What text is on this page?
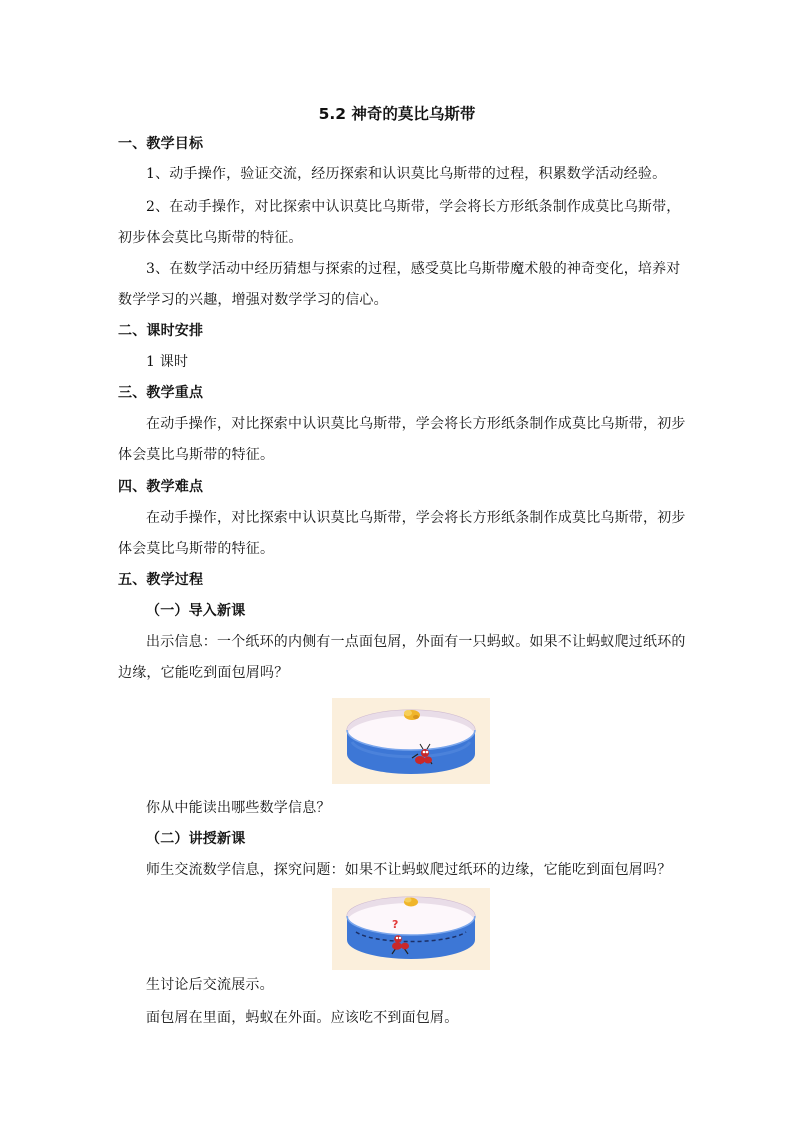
5.2 神奇的莫比乌斯带
一、教学目标
1、动手操作，验证交流，经历探索和认识莫比乌斯带的过程，积累数学活动经验。
2、在动手操作，对比探索中认识莫比乌斯带，学会将长方形纸条制作成莫比乌斯带，
初步体会莫比乌斯带的特征。
3、在数学活动中经历猜想与探索的过程，感受莫比乌斯带魔术般的神奇变化，培养对
数学学习的兴趣，增强对数学学习的信心。
二、课时安排
1 课时
三、教学重点
在动手操作，对比探索中认识莫比乌斯带，学会将长方形纸条制作成莫比乌斯带，初步
体会莫比乌斯带的特征。
四、教学难点
在动手操作，对比探索中认识莫比乌斯带，学会将长方形纸条制作成莫比乌斯带，初步
体会莫比乌斯带的特征。
五、教学过程
（一）导入新课
出示信息：一个纸环的内侧有一点面包屑，外面有一只蚂蚁。如果不让蚂蚁爬过纸环的
边缘，它能吃到面包屑吗？
你从中能读出哪些数学信息？
（二）讲授新课
师生交流数学信息，探究问题：如果不让蚂蚁爬过纸环的边缘，它能吃到面包屑吗？
?
生讨论后交流展示。
面包屑在里面，蚂蚁在外面。应该吃不到面包屑。
